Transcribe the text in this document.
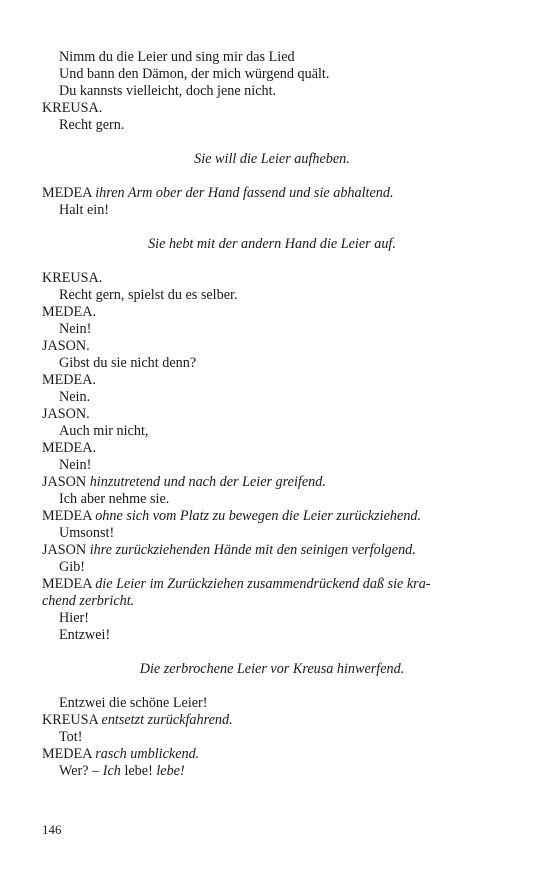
Nimm du die Leier und sing mir das Lied
Und bann den Dämon, der mich würgend quält.
Du kannsts vielleicht, doch jene nicht.
KREUSA.
Recht gern.
Sie will die Leier aufheben.
MEDEA ihren Arm ober der Hand fassend und sie abhaltend.
Halt ein!
Sie hebt mit der andern Hand die Leier auf.
KREUSA.
Recht gern, spielst du es selber.
MEDEA.
Nein!
JASON.
Gibst du sie nicht denn?
MEDEA.
Nein.
JASON.
Auch mir nicht,
MEDEA.
Nein!
JASON hinzutretend und nach der Leier greifend.
Ich aber nehme sie.
MEDEA ohne sich vom Platz zu bewegen die Leier zurückziehend.
Umsonst!
JASON ihre zurückziehenden Hände mit den seinigen verfolgend.
Gib!
MEDEA die Leier im Zurückziehen zusammendrückend daß sie kra-
chend zerbricht.
Hier!
Entzwei!
Die zerbrochene Leier vor Kreusa hinwerfend.
Entzwei die schöne Leier!
KREUSA entsetzt zurückfahrend.
Tot!
MEDEA rasch umblickend.
Wer? – Ich lebe! lebe!
146
